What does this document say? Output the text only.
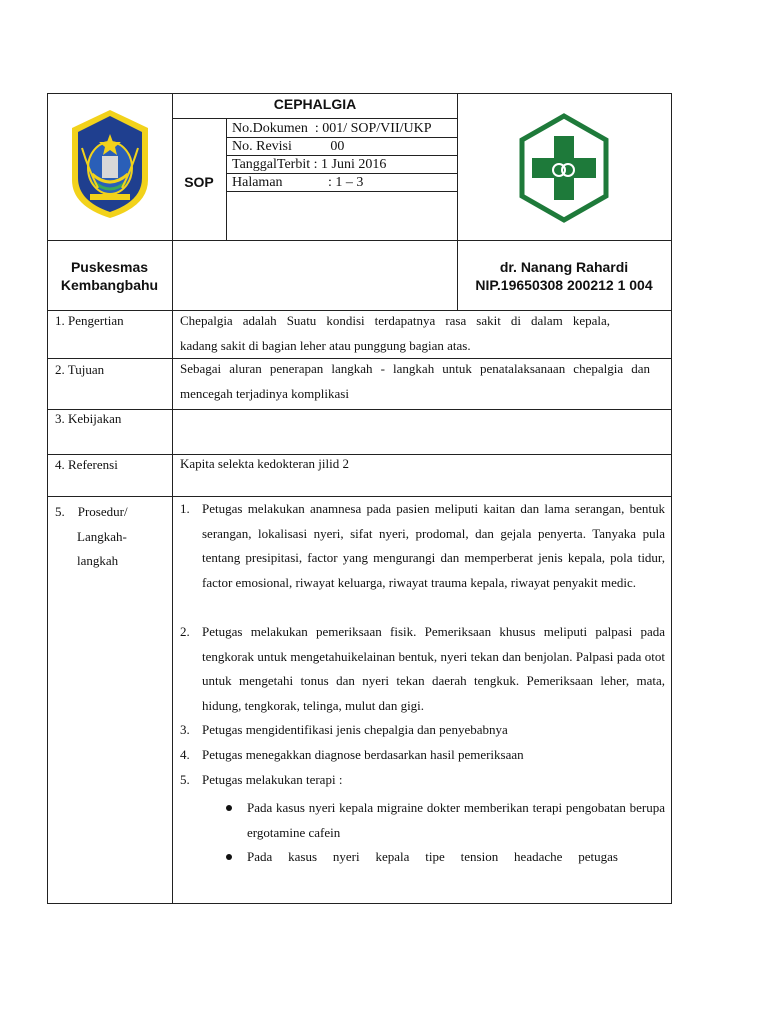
CEPHALGIA
SOP
No.Dokumen  : 001/ SOP/VII/UKP
No. Revisi           00
TanggalTerbit : 1 Juni 2016
Halaman             : 1 – 3
Puskesmas
Kembangbahu
dr. Nanang Rahardi
NIP.19650308 200212 1 004
1. Pengertian
2. Tujuan
3. Kebijakan
4. Referensi
5.    Prosedur/
Langkah-
langkah
Chepalgia adalah Suatu kondisi terdapatnya rasa sakit di dalam kepala,
kadang sakit di bagian leher atau punggung bagian atas.
Sebagai aluran penerapan langkah - langkah untuk penatalaksanaan chepalgia dan mencegah terjadinya komplikasi
Kapita selekta kedokteran jilid 2
1. Petugas melakukan anamnesa pada pasien meliputi kaitan dan lama serangan, bentuk serangan, lokalisasi nyeri, sifat nyeri, prodomal, dan gejala penyerta. Tanyaka pula tentang presipitasi, factor yang mengurangi dan memperberat jenis kepala, pola tidur, factor emosional, riwayat keluarga, riwayat trauma kepala, riwayat penyakit medic.
2. Petugas melakukan pemeriksaan fisik. Pemeriksaan khusus meliputi palpasi pada tengkorak untuk mengetahuikelainan bentuk, nyeri tekan dan benjolan. Palpasi pada otot untuk mengetahi tonus dan nyeri tekan daerah tengkuk. Pemeriksaan leher, mata, hidung, tengkorak, telinga, mulut dan gigi.
3. Petugas mengidentifikasi jenis chepalgia dan penyebabnya
4. Petugas menegakkan diagnose berdasarkan hasil pemeriksaan
5. Petugas melakukan terapi :
Pada kasus nyeri kepala migraine dokter memberikan terapi pengobatan berupa ergotamine cafein
Pada kasus nyeri kepala tipe tension headache petugas
